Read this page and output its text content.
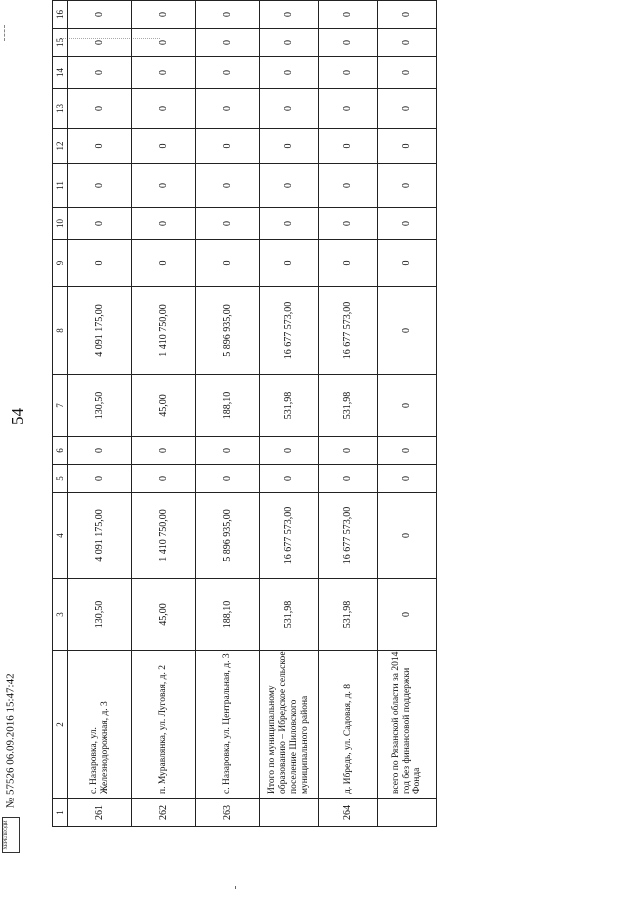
ХЕРЕЛЕОДИ № 57526 06.09.2016 15:47:42
54
1	2	3	4	5	6	7	8	9	10	11	12	13	14	15	16
261	с. Назаровка, ул. Железнодорожная, д. 3	130,50	4 091 175,00	0	0	130,50	4 091 175,00	0	0	0	0	0	0	0	0
262	п. Муравлянка, ул. Луговая, д. 2	45,00	1 410 750,00	0	0	45,00	1 410 750,00	0	0	0	0	0	0	0	0
263	с. Назаровка, ул. Центральная, д. 3	188,10	5 896 935,00	0	0	188,10	5 896 935,00	0	0	0	0	0	0	0	0
	Итого по муниципальному образованию – Ибредское сельское поселение Шиловского муниципального района	531,98	16 677 573,00	0	0	531,98	16 677 573,00	0	0	0	0	0	0	0	0
264	д. Ибредь, ул. Садовая, д. 8	531,98	16 677 573,00	0	0	531,98	16 677 573,00	0	0	0	0	0	0	0	0
	всего по Рязанской области за 2014 год без финансовой поддержки Фонда	0	0	0	0	0	0	0	0	0	0	0	0	0	0
